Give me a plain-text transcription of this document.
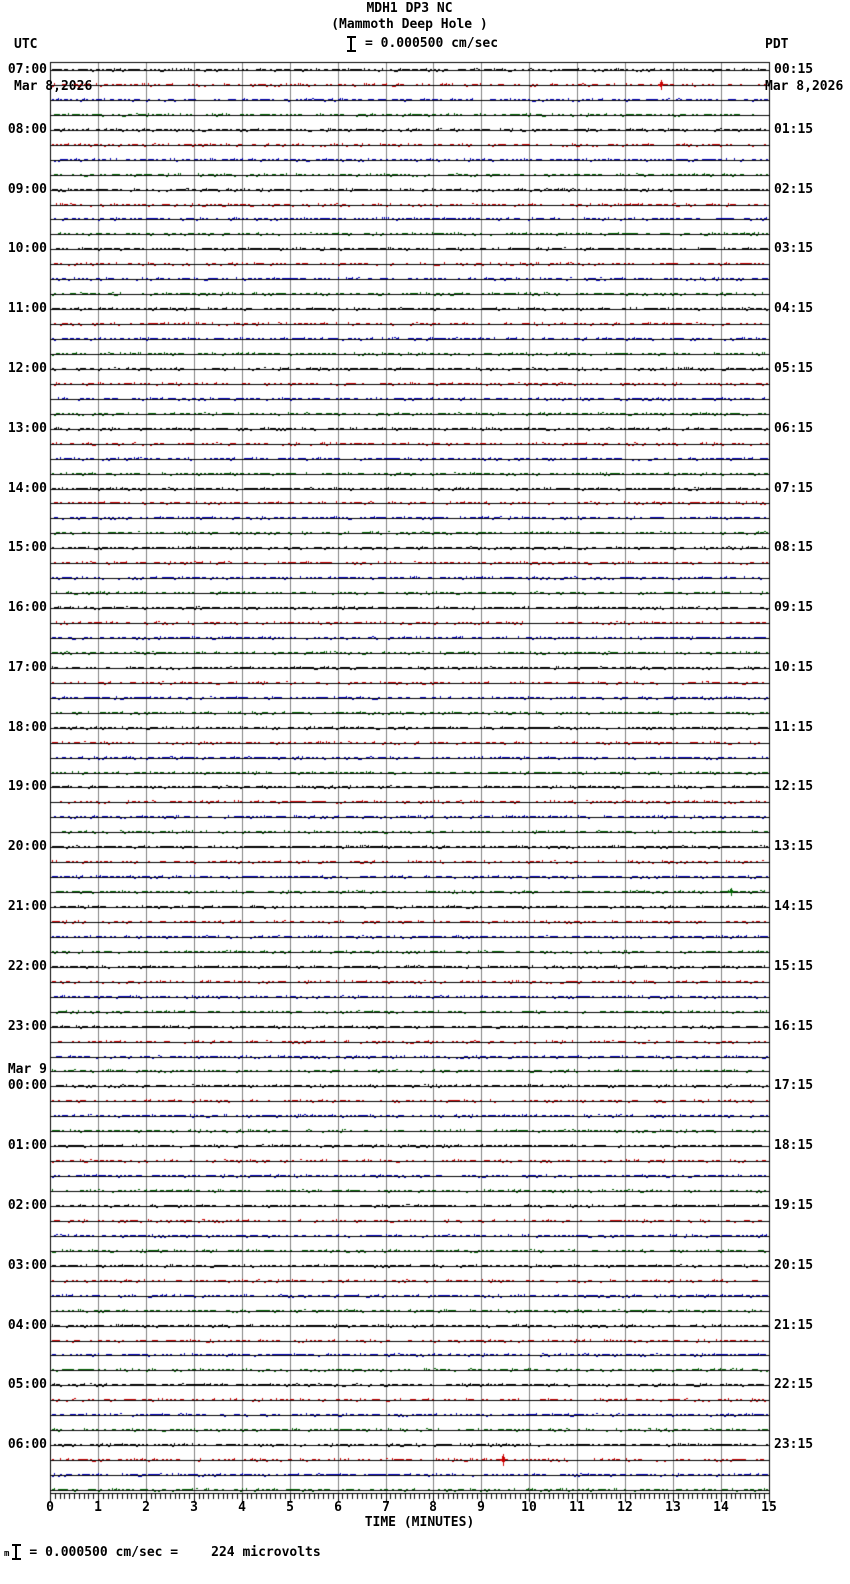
07:00
08:00
09:00
10:00
11:00
12:00
13:00
14:00
15:00
16:00
17:00
18:00
19:00
20:00
21:00
22:00
23:00
00:00
Mar 9
01:00
02:00
03:00
04:00
05:00
06:00
00:15
01:15
02:15
03:15
04:15
05:15
06:15
07:15
08:15
09:15
10:15
11:15
12:15
13:15
14:15
15:15
16:15
17:15
18:15
19:15
20:15
21:15
22:15
23:15
0	1	2	3	4	5	6	7	8	9	10	11	12	13	14	15
TIME (MINUTES)
m = 0.000500 cm/sec =	224 microvolts
